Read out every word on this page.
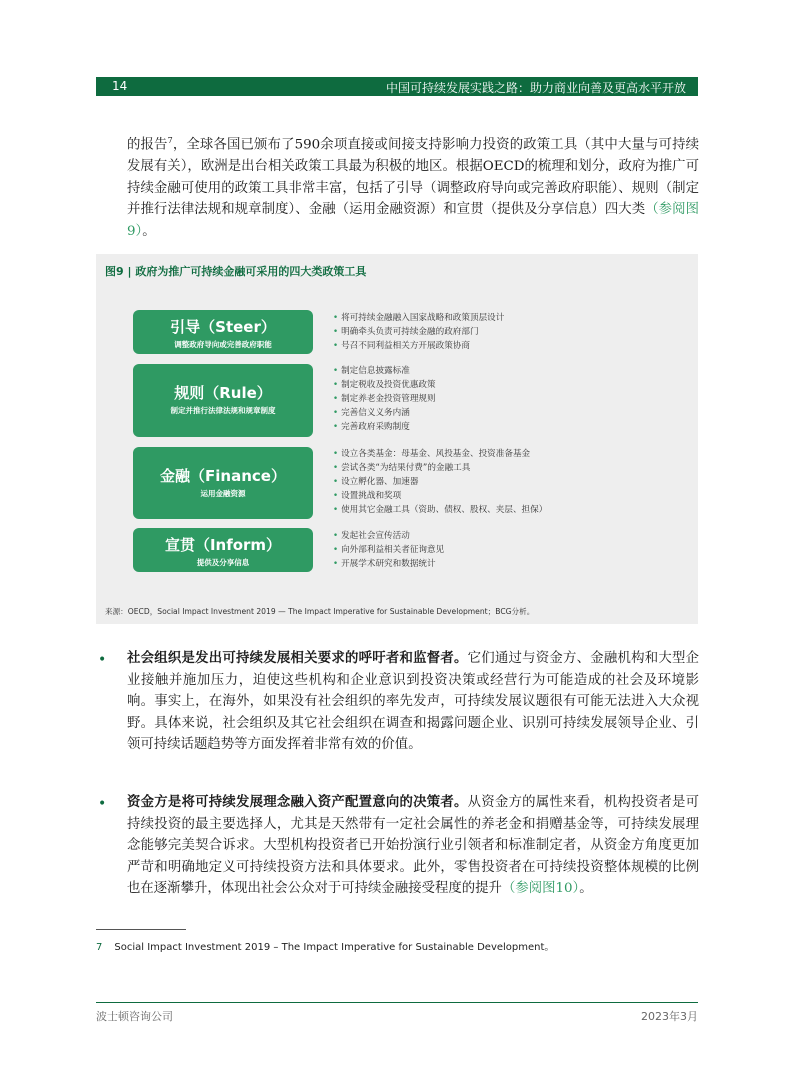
14	中国可持续发展实践之路：助力商业向善及更高水平开放
的报告$^7$，全球各国已颁布了590余项直接或间接支持影响力投资的政策工具（其中大量与可持续发展有关），欧洲是出台相关政策工具最为积极的地区。根据OECD的梳理和划分，政府为推广可持续金融可使用的政策工具非常丰富，包括了引导（调整政府导向或完善政府职能）、规则（制定并推行法律法规和规章制度）、金融（运用金融资源）和宣贯（提供及分享信息）四大类（参阅图9）。
图9 | 政府为推广可持续金融可采用的四大类政策工具
引导（Steer）
调整政府导向或完善政府职能
• 将可持续金融融入国家战略和政策顶层设计
• 明确牵头负责可持续金融的政府部门
• 号召不同利益相关方开展政策协商
规则（Rule）
制定并推行法律法规和规章制度
• 制定信息披露标准
• 制定税收及投资优惠政策
• 制定养老金投资管理规则
• 完善信义义务内涵
• 完善政府采购制度
金融（Finance）
运用金融资源
• 设立各类基金：母基金、风投基金、投资准备基金
• 尝试各类“为结果付费”的金融工具
• 设立孵化器、加速器
• 设置挑战和奖项
• 使用其它金融工具（资助、债权、股权、夹层、担保）
宣贯（Inform）
提供及分享信息
• 发起社会宣传活动
• 向外部利益相关者征询意见
• 开展学术研究和数据统计
来源：OECD，Social Impact Investment 2019 — The Impact Imperative for Sustainable Development；BCG分析。
• 社会组织是发出可持续发展相关要求的呼吁者和监督者。它们通过与资金方、金融机构和大型企业接触并施加压力，迫使这些机构和企业意识到投资决策或经营行为可能造成的社会及环境影响。事实上，在海外，如果没有社会组织的率先发声，可持续发展议题很有可能无法进入大众视野。具体来说，社会组织及其它社会组织在调查和揭露问题企业、识别可持续发展领导企业、引领可持续话题趋势等方面发挥着非常有效的价值。
• 资金方是将可持续发展理念融入资产配置意向的决策者。从资金方的属性来看，机构投资者是可持续投资的最主要选择人，尤其是天然带有一定社会属性的养老金和捐赠基金等，可持续发展理念能够完美契合诉求。大型机构投资者已开始扮演行业引领者和标准制定者，从资金方角度更加严苛和明确地定义可持续投资方法和具体要求。此外，零售投资者在可持续投资整体规模的比例也在逐渐攀升，体现出社会公众对于可持续金融接受程度的提升（参阅图10）。
7 Social Impact Investment 2019 – The Impact Imperative for Sustainable Development。
波士顿咨询公司	2023年3月
